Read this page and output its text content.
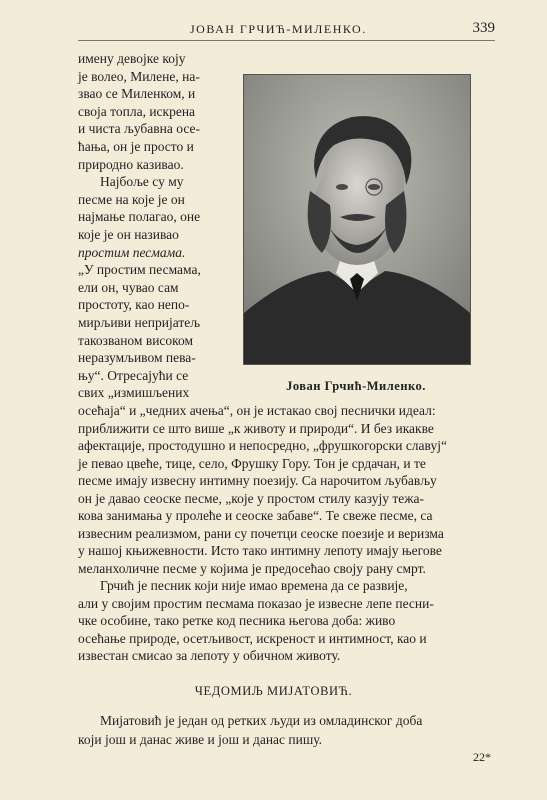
ЈОВАН ГРЧИЋ-МИЛЕНКО.	339

имену девојке коју

је волео, Милене, на-

звао се Миленком, и

своја топла, искрена

и чиста љубавна осе-

ћања, он је просто и

природно казивао.

Најбоље су му

песме на које је он

најмање полагао, оне

које је он називао

простим песмама.

„У простим песмама,

ели он, чувао сам

простоту, као непо-

мирљиви непријатељ

такозваном високом

неразумљивом пева-

њу“. Отресајући се

свих „измишљених	Јован Грчић-Миленко.

осећаја“ и „чедних ачења“, он је истакао свој песнички идеал:

приближити се што више „к животу и природи“. И без икакве

афектације, простодушно и непосредно, „фрушкогорски славуј“

је певао цвеће, тице, село, Фрушку Гору. Тон је срдачан, и те

песме имају извесну интимну поезију. Са нарочитом љубављу

он је давао сеоске песме, „које у простом стилу казују тежа-

кова занимања у пролеће и сеоске забаве“. Те свеже песме, са

извесним реализмом, рани су почетци сеоске поезије и веризма

у нашој књижевности. Исто тако интимну лепоту имају његове

меланхоличне песме у којима је предосећао своју рану смрт.

Грчић је песник који није имао времена да се развије,

али у својим простим песмама показао је извесне лепе песни-

чке особине, тако ретке код песника његова доба: живо

осећање природе, осетљивост, искреност и интимност, као и

известан смисао за лепоту у обичном животу.

ЧЕДОМИЉ МИЈАТОВИЋ.

Мијатовић је један од ретких људи из омладинског доба

који још и данас живе и још и данас пишу.

22*
